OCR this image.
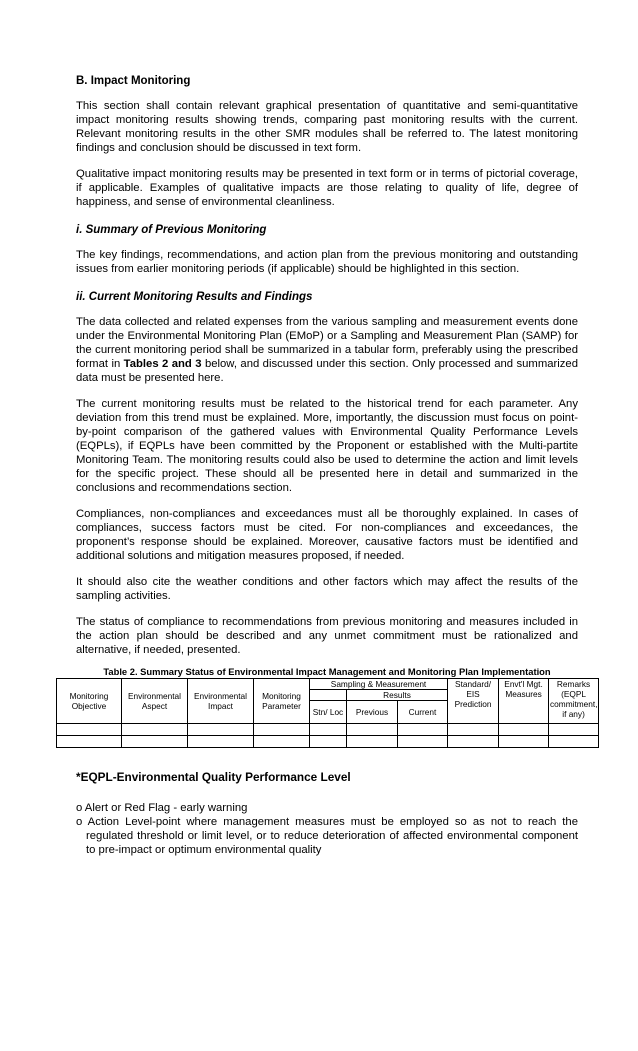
B. Impact Monitoring

This section shall contain relevant graphical presentation of quantitative and semi-quantitative impact monitoring results showing trends, comparing past monitoring results with the current. Relevant monitoring results in the other SMR modules shall be referred to. The latest monitoring findings and conclusion should be discussed in text form.

Qualitative impact monitoring results may be presented in text form or in terms of pictorial coverage, if applicable. Examples of qualitative impacts are those relating to quality of life, degree of happiness, and sense of environmental cleanliness.

i. Summary of Previous Monitoring

The key findings, recommendations, and action plan from the previous monitoring and outstanding issues from earlier monitoring periods (if applicable) should be highlighted in this section.

ii. Current Monitoring Results and Findings

The data collected and related expenses from the various sampling and measurement events done under the Environmental Monitoring Plan (EMoP) or a Sampling and Measurement Plan (SAMP) for the current monitoring period shall be summarized in a tabular form, preferably using the prescribed format in Tables 2 and 3 below, and discussed under this section. Only processed and summarized data must be presented here.

The current monitoring results must be related to the historical trend for each parameter. Any deviation from this trend must be explained. More, importantly, the discussion must focus on point-by-point comparison of the gathered values with Environmental Quality Performance Levels (EQPLs), if EQPLs have been committed by the Proponent or established with the Multi-partite Monitoring Team. The monitoring results could also be used to determine the action and limit levels for the specific project. These should all be presented here in detail and summarized in the conclusions and recommendations section.

Compliances, non-compliances and exceedances must all be thoroughly explained. In cases of compliances, success factors must be cited. For non-compliances and exceedances, the proponent’s response should be explained. Moreover, causative factors must be identified and additional solutions and mitigation measures proposed, if needed.

It should also cite the weather conditions and other factors which may affect the results of the sampling activities.

The status of compliance to recommendations from previous monitoring and measures included in the action plan should be described and any unmet commitment must be rationalized and alternative, if needed, presented.

Table 2. Summary Status of Environmental Impact Management and Monitoring Plan Implementation
Monitoring Objective	Environmental Aspect	Environmental Impact	Monitoring Parameter	Sampling & Measurement			Standard/ EIS Prediction	Envt'l Mgt. Measures	Remarks (EQPL commitment, if any)
					Results				
				Stn/ Loc	Previous	Current			

*EQPL-Environmental Quality Performance Level

o Alert or Red Flag - early warning

o Action Level-point where management measures must be employed so as not to reach the regulated threshold or limit level, or to reduce deterioration of affected environmental component to pre-impact or optimum environmental quality
